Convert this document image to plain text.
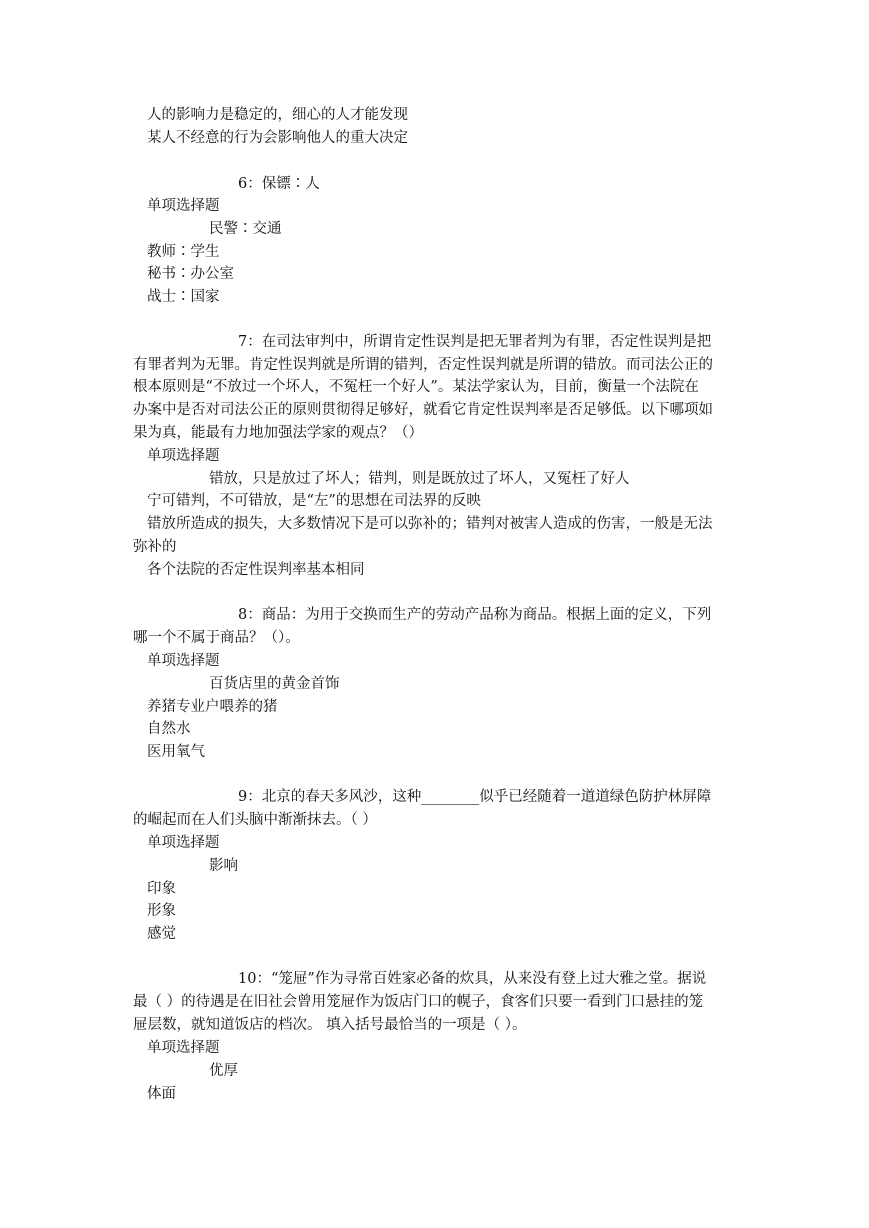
人的影响力是稳定的，细心的人才能发现
某人不经意的行为会影响他人的重大决定
6：保镖∶人
单项选择题
民警∶交通
教师∶学生
秘书∶办公室
战士∶国家
7：在司法审判中，所谓肯定性误判是把无罪者判为有罪，否定性误判是把
有罪者判为无罪。肯定性误判就是所谓的错判，否定性误判就是所谓的错放。而司法公正的
根本原则是“不放过一个坏人，不冤枉一个好人”。某法学家认为，目前，衡量一个法院在
办案中是否对司法公正的原则贯彻得足够好，就看它肯定性误判率是否足够低。以下哪项如
果为真，能最有力地加强法学家的观点？（）
单项选择题
错放，只是放过了坏人；错判，则是既放过了坏人，又冤枉了好人
宁可错判，不可错放，是“左”的思想在司法界的反映
错放所造成的损失，大多数情况下是可以弥补的；错判对被害人造成的伤害，一般是无法
弥补的
各个法院的否定性误判率基本相同
8：商品：为用于交换而生产的劳动产品称为商品。根据上面的定义，下列
哪一个不属于商品？（）。
单项选择题
百货店里的黄金首饰
养猪专业户喂养的猪
自然水
医用氧气
9：北京的春天多风沙，这种________似乎已经随着一道道绿色防护林屏障
的崛起而在人们头脑中渐渐抹去。（ ）
单项选择题
影响
印象
形象
感觉
10：“笼屉”作为寻常百姓家必备的炊具，从来没有登上过大雅之堂。据说
最（ ）的待遇是在旧社会曾用笼屉作为饭店门口的幌子，食客们只要一看到门口悬挂的笼
屉层数，就知道饭店的档次。 填入括号最恰当的一项是（ ）。
单项选择题
优厚
体面
